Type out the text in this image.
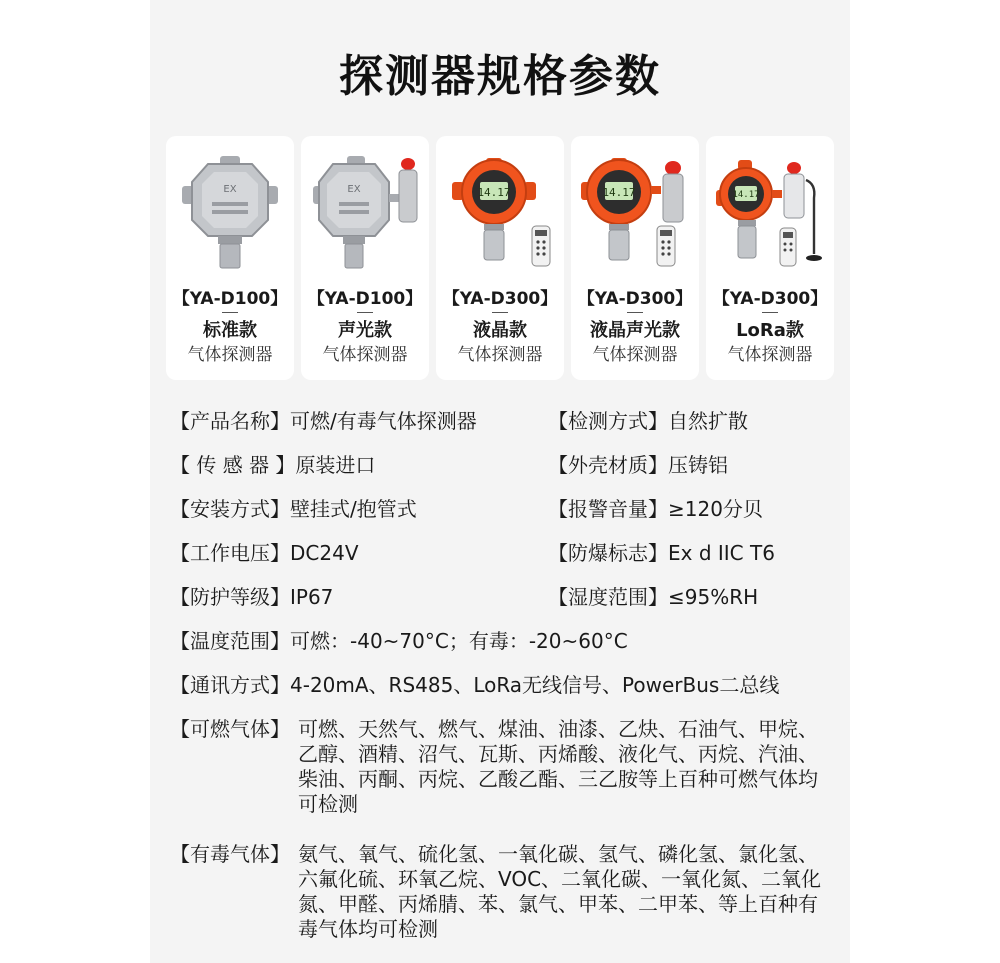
探测器规格参数
EX
【YA-D100】
标准款
气体探测器
EX
【YA-D100】
声光款
气体探测器
14.17
【YA-D300】
液晶款
气体探测器
14.17
【YA-D300】
液晶声光款
气体探测器
14.17
【YA-D300】
LoRa款
气体探测器
【产品名称】可燃/有毒气体探测器
【 传 感 器 】原装进口
【安装方式】壁挂式/抱管式
【工作电压】DC24V
【防护等级】IP67
【检测方式】自然扩散
【外壳材质】压铸铝
【报警音量】≥120分贝
【防爆标志】Ex d IIC T6
【湿度范围】≤95%RH
【温度范围】可燃：-40~70°C；有毒：-20~60°C
【通讯方式】4-20mA、RS485、LoRa无线信号、PowerBus二总线
【可燃气体】 可燃、天然气、燃气、煤油、油漆、乙炔、石油气、甲烷、乙醇、酒精、沼气、瓦斯、丙烯酸、液化气、丙烷、汽油、柴油、丙酮、丙烷、乙酸乙酯、三乙胺等上百种可燃气体均可检测
【有毒气体】 氨气、氧气、硫化氢、一氧化碳、氢气、磷化氢、氯化氢、六氟化硫、环氧乙烷、VOC、二氧化碳、一氧化氮、二氧化氮、甲醛、丙烯腈、苯、氯气、甲苯、二甲苯、等上百种有毒气体均可检测
